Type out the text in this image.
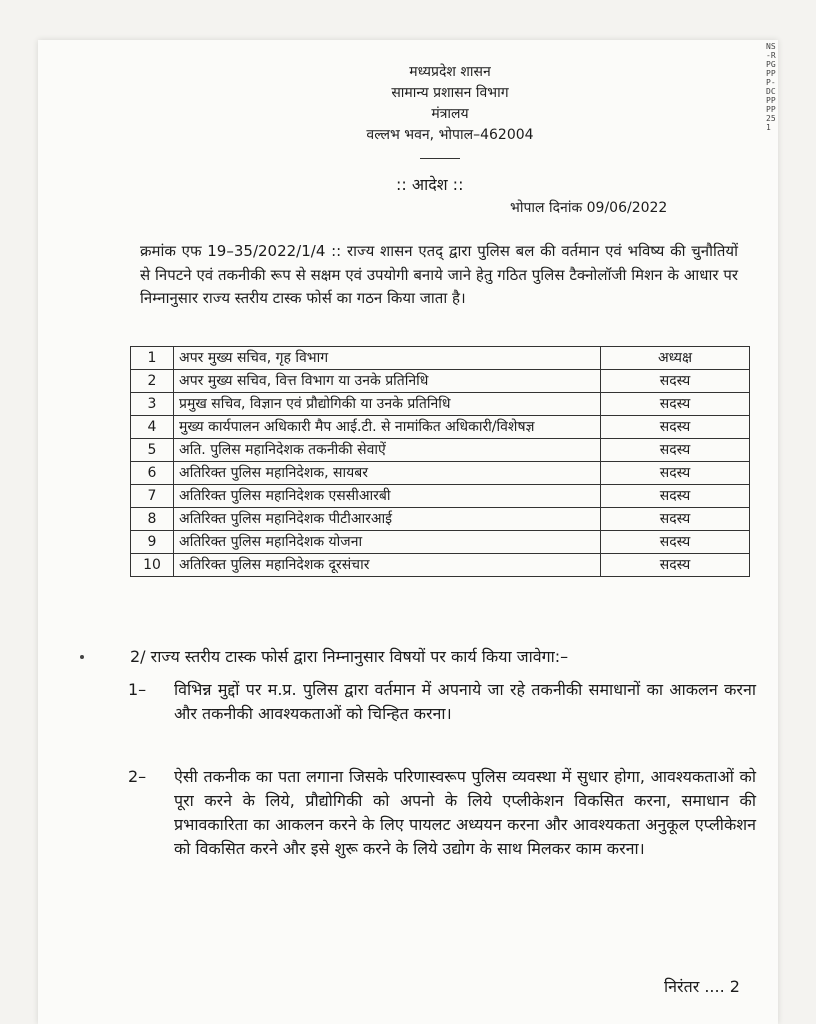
मध्यप्रदेश शासन
सामान्य प्रशासन विभाग
मंत्रालय
वल्लभ भवन, भोपाल–462004
:: आदेश ::
भोपाल दिनांक 09/06/2022
क्रमांक एफ 19–35/2022/1/4 :: राज्य शासन एतद् द्वारा पुलिस बल की वर्तमान एवं भविष्य की चुनौतियों से निपटने एवं तकनीकी रूप से सक्षम एवं उपयोगी बनाये जाने हेतु गठित पुलिस टैक्नोलॉजी मिशन के आधार पर निम्नानुसार राज्य स्तरीय टास्क फोर्स का गठन किया जाता है।
1	अपर मुख्य सचिव, गृह विभाग	अध्यक्ष
2	अपर मुख्य सचिव, वित्त विभाग या उनके प्रतिनिधि	सदस्य
3	प्रमुख सचिव, विज्ञान एवं प्रौद्योगिकी या उनके प्रतिनिधि	सदस्य
4	मुख्य कार्यपालन अधिकारी मैप आई.टी. से नामांकित अधिकारी/विशेषज्ञ	सदस्य
5	अति. पुलिस महानिदेशक तकनीकी सेवाऐं	सदस्य
6	अतिरिक्त पुलिस महानिदेशक, सायबर	सदस्य
7	अतिरिक्त पुलिस महानिदेशक एससीआरबी	सदस्य
8	अतिरिक्त पुलिस महानिदेशक पीटीआरआई	सदस्य
9	अतिरिक्त पुलिस महानिदेशक योजना	सदस्य
10	अतिरिक्त पुलिस महानिदेशक दूरसंचार	सदस्य
2/ राज्य स्तरीय टास्क फोर्स द्वारा निम्नानुसार विषयों पर कार्य किया जावेगा:–
1– विभिन्न मुद्दों पर म.प्र. पुलिस द्वारा वर्तमान में अपनाये जा रहे तकनीकी समाधानों का आकलन करना और तकनीकी आवश्यकताओं को चिन्हित करना।
2– ऐसी तकनीक का पता लगाना जिसके परिणास्वरूप पुलिस व्यवस्था में सुधार होगा, आवश्यकताओं को पूरा करने के लिये, प्रौद्योगिकी को अपनो के लिये एप्लीकेशन विकसित करना, समाधान की प्रभावकारिता का आकलन करने के लिए पायलट अध्ययन करना और आवश्यकता अनुकूल एप्लीकेशन को विकसित करने और इसे शुरू करने के लिये उद्योग के साथ मिलकर काम करना।
निरंतर .... 2
NS-RPGPPP-DCPPPP251
